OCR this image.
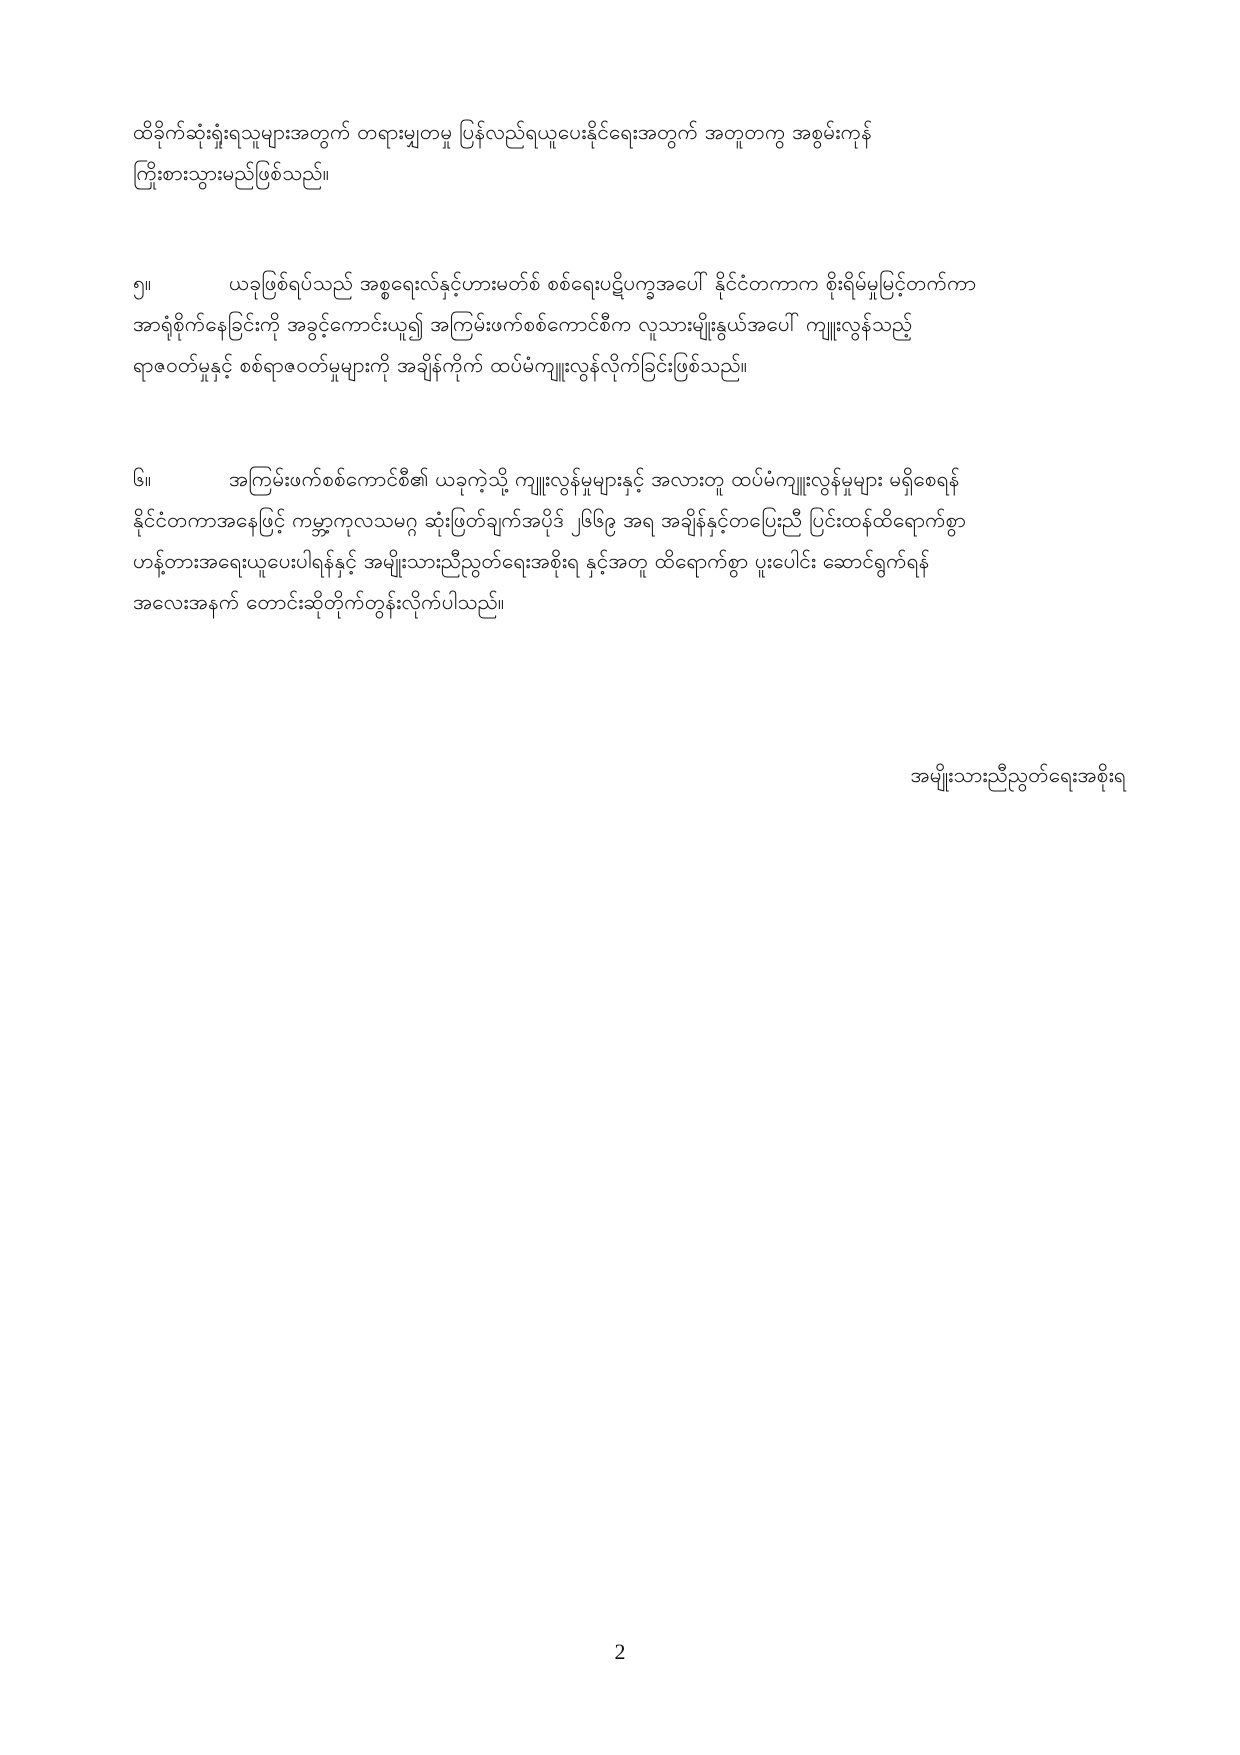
ထိခိုက်ဆုံးရှုံးရသူများအတွက် တရားမျှတမှု ပြန်လည်ရယူပေးနိုင်ရေးအတွက် အတူတကွ အစွမ်းကုန်
ကြိုးစားသွားမည်ဖြစ်သည်။
၅။	ယခုဖြစ်ရပ်သည် အစ္စရေးလ်နှင့်ဟားမတ်စ် စစ်ရေးပဋိပက္ခအပေါ် နိုင်ငံတကာက စိုးရိမ်မှုမြင့်တက်ကာ
အာရုံစိုက်နေခြင်းကို အခွင့်ကောင်းယူ၍ အကြမ်းဖက်စစ်ကောင်စီက လူသားမျိုးနွယ်အပေါ် ကျူးလွန်သည့်
ရာဇဝတ်မှုနှင့် စစ်ရာဇဝတ်မှုများကို အချိန်ကိုက် ထပ်မံကျူးလွန်လိုက်ခြင်းဖြစ်သည်။
၆။	အကြမ်းဖက်စစ်ကောင်စီ၏ ယခုကဲ့သို့ ကျူးလွန်မှုများနှင့် အလားတူ ထပ်မံကျူးလွန်မှုများ မရှိစေရန်
နိုင်ငံတကာအနေဖြင့် ကမ္ဘာ့ကုလသမဂ္ဂ ဆုံးဖြတ်ချက်အပိုဒ် ၂၆၆၉ အရ အချိန်နှင့်တပြေးညီ ပြင်းထန်ထိရောက်စွာ
ဟန့်တားအရေးယူပေးပါရန်နှင့် အမျိုးသားညီညွတ်ရေးအစိုးရ နှင့်အတူ ထိရောက်စွာ ပူးပေါင်း ဆောင်ရွက်ရန်
အလေးအနက် တောင်းဆိုတိုက်တွန်းလိုက်ပါသည်။
အမျိုးသားညီညွတ်ရေးအစိုးရ
2
